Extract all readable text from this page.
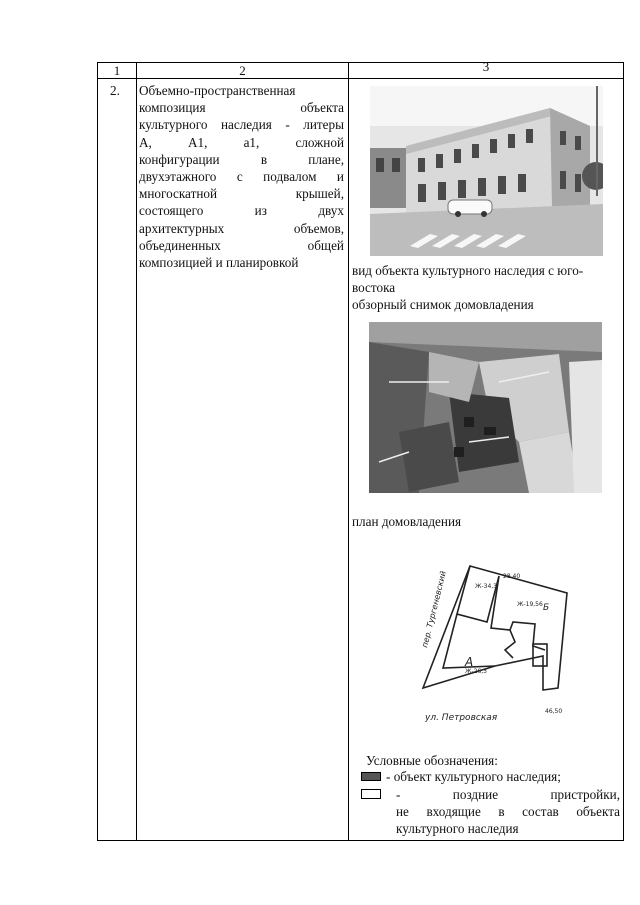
1	2	3
2. Объемно-пространственная
композиция объекта
культурного наследия - литеры
А, А1, а1, сложной
конфигурации в плане,
двухэтажного с подвалом и
многоскатной крышей,
состоящего из двух
архитектурных объемов,
объединенных общей
композицией и планировкой
вид объекта культурного наследия с юго-
востока
обзорный снимок домовладения
план домовладения
Ж-34,3
Ж-19,56
Ж-26,3
28.40
46,50
А
Б
пер. Тургеневский
ул. Петровская
Условные обозначения:
- объект культурного наследия;
- поздние пристройки,
не входящие в состав объекта
культурного наследия
